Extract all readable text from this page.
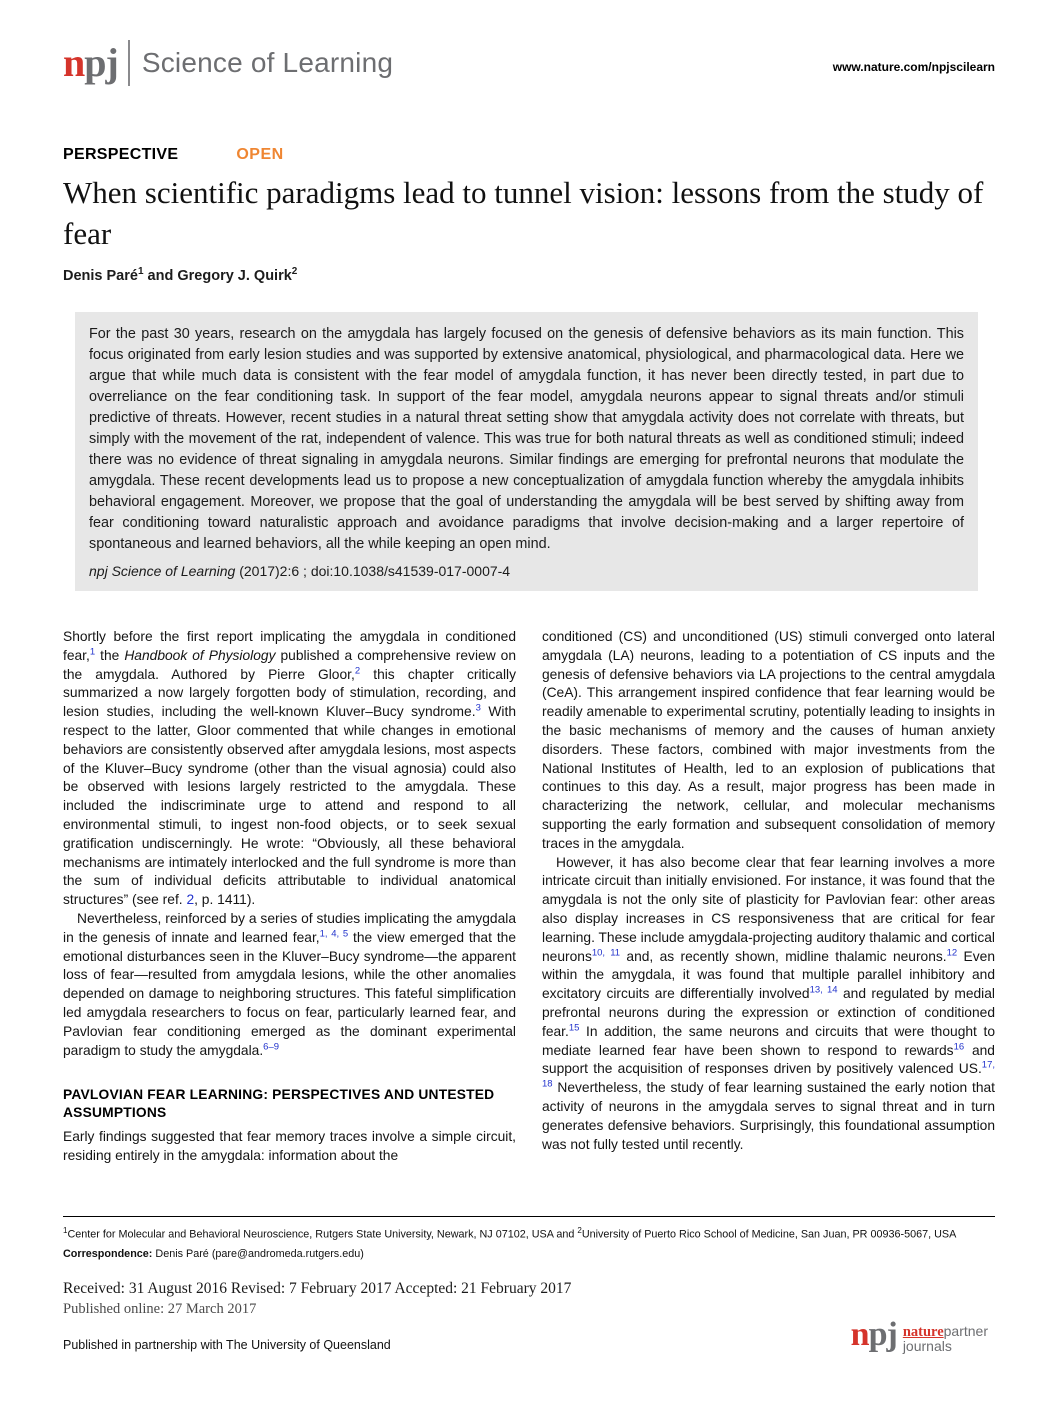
npj Science of Learning	www.nature.com/npjscilearn
PERSPECTIVE	OPEN
When scientific paradigms lead to tunnel vision: lessons from the study of fear
Denis Paré$^1$ and Gregory J. Quirk$^2$
For the past 30 years, research on the amygdala has largely focused on the genesis of defensive behaviors as its main function. This focus originated from early lesion studies and was supported by extensive anatomical, physiological, and pharmacological data. Here we argue that while much data is consistent with the fear model of amygdala function, it has never been directly tested, in part due to overreliance on the fear conditioning task. In support of the fear model, amygdala neurons appear to signal threats and/or stimuli predictive of threats. However, recent studies in a natural threat setting show that amygdala activity does not correlate with threats, but simply with the movement of the rat, independent of valence. This was true for both natural threats as well as conditioned stimuli; indeed there was no evidence of threat signaling in amygdala neurons. Similar findings are emerging for prefrontal neurons that modulate the amygdala. These recent developments lead us to propose a new conceptualization of amygdala function whereby the amygdala inhibits behavioral engagement. Moreover, we propose that the goal of understanding the amygdala will be best served by shifting away from fear conditioning toward naturalistic approach and avoidance paradigms that involve decision-making and a larger repertoire of spontaneous and learned behaviors, all the while keeping an open mind.
npj Science of Learning (2017)2:6 ; doi:10.1038/s41539-017-0007-4

Shortly before the first report implicating the amygdala in conditioned fear,$^1$ the Handbook of Physiology published a comprehensive review on the amygdala. Authored by Pierre Gloor,$^2$ this chapter critically summarized a now largely forgotten body of stimulation, recording, and lesion studies, including the well-known Kluver–Bucy syndrome.$^3$ With respect to the latter, Gloor commented that while changes in emotional behaviors are consistently observed after amygdala lesions, most aspects of the Kluver–Bucy syndrome (other than the visual agnosia) could also be observed with lesions largely restricted to the amygdala. These included the indiscriminate urge to attend and respond to all environmental stimuli, to ingest non-food objects, or to seek sexual gratification undiscerningly. He wrote: “Obviously, all these behavioral mechanisms are intimately interlocked and the full syndrome is more than the sum of individual deficits attributable to individual anatomical structures” (see ref. 2, p. 1411).

Nevertheless, reinforced by a series of studies implicating the amygdala in the genesis of innate and learned fear,$^{1, 4, 5}$ the view emerged that the emotional disturbances seen in the Kluver–Bucy syndrome—the apparent loss of fear—resulted from amygdala lesions, while the other anomalies depended on damage to neighboring structures. This fateful simplification led amygdala researchers to focus on fear, particularly learned fear, and Pavlovian fear conditioning emerged as the dominant experimental paradigm to study the amygdala.$^{6-9}$

PAVLOVIAN FEAR LEARNING: PERSPECTIVES AND UNTESTED ASSUMPTIONS

Early findings suggested that fear memory traces involve a simple circuit, residing entirely in the amygdala: information about the

conditioned (CS) and unconditioned (US) stimuli converged onto lateral amygdala (LA) neurons, leading to a potentiation of CS inputs and the genesis of defensive behaviors via LA projections to the central amygdala (CeA). This arrangement inspired confidence that fear learning would be readily amenable to experimental scrutiny, potentially leading to insights in the basic mechanisms of memory and the causes of human anxiety disorders. These factors, combined with major investments from the National Institutes of Health, led to an explosion of publications that continues to this day. As a result, major progress has been made in characterizing the network, cellular, and molecular mechanisms supporting the early formation and subsequent consolidation of memory traces in the amygdala.

However, it has also become clear that fear learning involves a more intricate circuit than initially envisioned. For instance, it was found that the amygdala is not the only site of plasticity for Pavlovian fear: other areas also display increases in CS responsiveness that are critical for fear learning. These include amygdala-projecting auditory thalamic and cortical neurons$^{10, 11}$ and, as recently shown, midline thalamic neurons.$^{12}$ Even within the amygdala, it was found that multiple parallel inhibitory and excitatory circuits are differentially involved$^{13, 14}$ and regulated by medial prefrontal neurons during the expression or extinction of conditioned fear.$^{15}$ In addition, the same neurons and circuits that were thought to mediate learned fear have been shown to respond to rewards$^{16}$ and support the acquisition of responses driven by positively valenced US.$^{17, 18}$ Nevertheless, the study of fear learning sustained the early notion that activity of neurons in the amygdala serves to signal threat and in turn generates defensive behaviors. Surprisingly, this foundational assumption was not fully tested until recently.

$^1$Center for Molecular and Behavioral Neuroscience, Rutgers State University, Newark, NJ 07102, USA and $^2$University of Puerto Rico School of Medicine, San Juan, PR 00936-5067, USA
Correspondence: Denis Paré (pare@andromeda.rutgers.edu)
Received: 31 August 2016 Revised: 7 February 2017 Accepted: 21 February 2017
Published online: 27 March 2017
Published in partnership with The University of Queensland	npj naturepartner
journals
